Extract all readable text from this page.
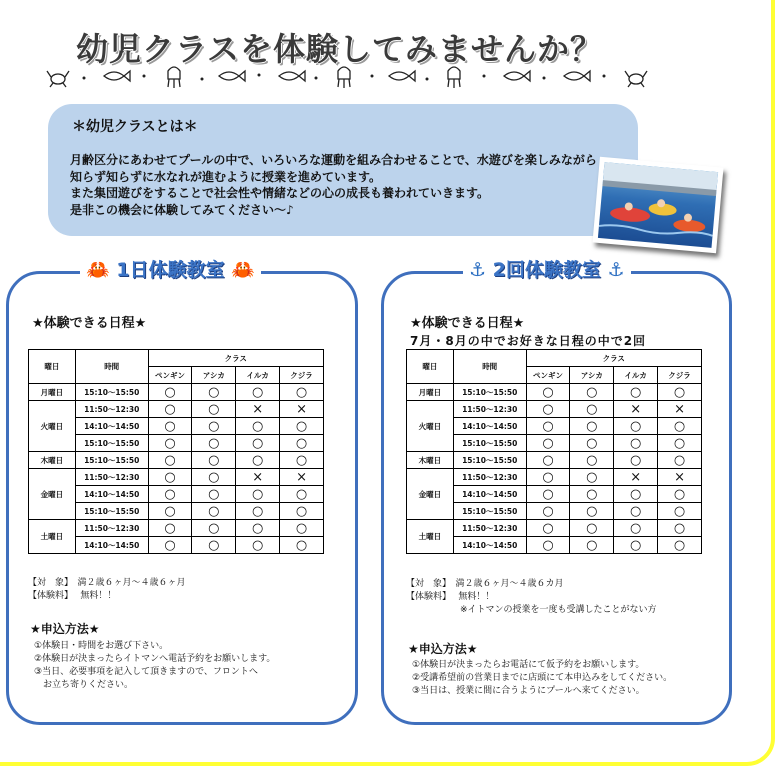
幼児クラスを体験してみませんか？
＊幼児クラスとは＊
月齢区分にあわせてプールの中で、いろいろな運動を組み合わせることで、水遊びを楽しみながら
知らず知らずに水なれが進むように授業を進めています。
また集団遊びをすることで社会性や情緒などの心の成長も養われていきます。
是非この機会に体験してみてください～♪
🦀 1日体験教室 🦀
★体験できる日程★
曜日	時間	クラス			
		ペンギン	アシカ	イルカ	クジラ
月曜日	15:10～15:50	○	○	○	○
火曜日	11:50～12:30	○	○	×	×
	14:10～14:50	○	○	○	○
	15:10～15:50	○	○	○	○
木曜日	15:10～15:50	○	○	○	○
金曜日	11:50～12:30	○	○	×	×
	14:10～14:50	○	○	○	○
	15:10～15:50	○	○	○	○
土曜日	11:50～12:30	○	○	○	○
	14:10～14:50	○	○	○	○
【対　象】　満２歳６ヶ月～４歳６ヶ月
【体験料】　 無料！！
★申込方法★
①体験日・時間をお選び下さい。
②体験日が決まったらイトマンへ電話予約をお願いします。
③当日、必要事項を記入して頂きますので、フロントへ
　お立ち寄りください。
⚓ 2回体験教室 ⚓
★体験できる日程★
7月・8月の中でお好きな日程の中で2回
曜日	時間	クラス			
		ペンギン	アシカ	イルカ	クジラ
月曜日	15:10～15:50	○	○	○	○
火曜日	11:50～12:30	○	○	×	×
	14:10～14:50	○	○	○	○
	15:10～15:50	○	○	○	○
木曜日	15:10～15:50	○	○	○	○
金曜日	11:50～12:30	○	○	×	×
	14:10～14:50	○	○	○	○
	15:10～15:50	○	○	○	○
土曜日	11:50～12:30	○	○	○	○
	14:10～14:50	○	○	○	○
【対　象】　満２歳６ヶ月～４歳６カ月
【体験料】　 無料！！
　　　　　　※イトマンの授業を一度も受講したことがない方
★申込方法★
①体験日が決まったらお電話にて仮予約をお願いします。
②受講希望前の営業日までに店頭にて本申込みをしてください。
③当日は、授業に間に合うようにプールへ来てください。
